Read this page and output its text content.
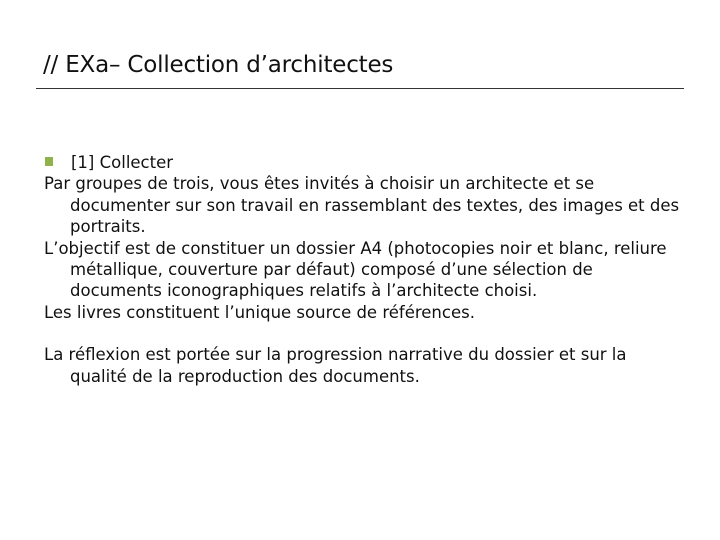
// EXa– Collection d’architectes
[1] Collecter

Par groupes de trois, vous êtes invités à choisir un architecte et se documenter sur son travail en rassemblant des textes, des images et des portraits.

L’objectif est de constituer un dossier A4 (photocopies noir et blanc, reliure métallique, couverture par défaut) composé d’une sélection de documents iconographiques relatifs à l’architecte choisi.

Les livres constituent l’unique source de références.

La réflexion est portée sur la progression narrative du dossier et sur la qualité de la reproduction des documents.
